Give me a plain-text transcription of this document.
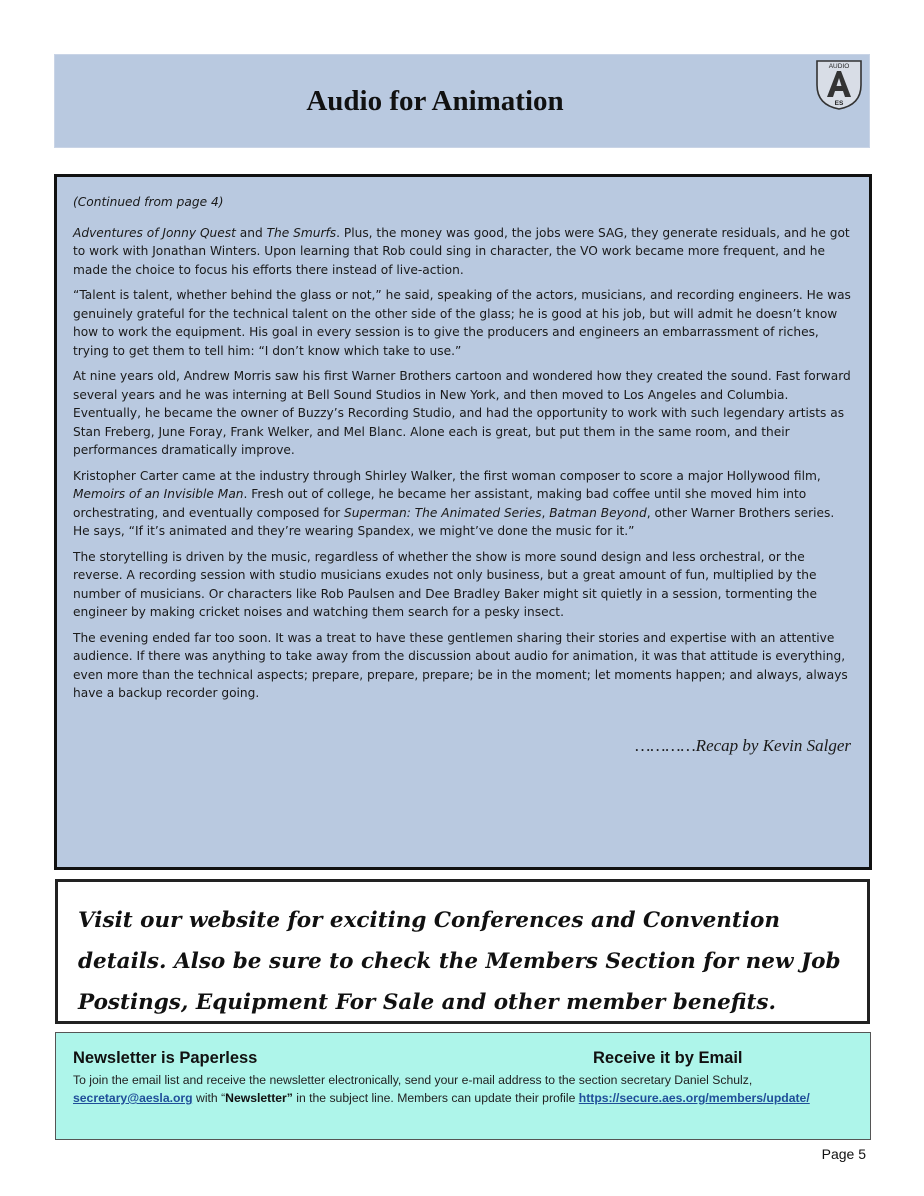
Audio for Animation
AUDIO
ES

(Continued from page 4)

Adventures of Jonny Quest and The Smurfs. Plus, the money was good, the jobs were SAG, they generate residuals, and he got to work with Jonathan Winters. Upon learning that Rob could sing in character, the VO work became more frequent, and he made the choice to focus his efforts there instead of live-action.

“Talent is talent, whether behind the glass or not,” he said, speaking of the actors, musicians, and recording engineers. He was genuinely grateful for the technical talent on the other side of the glass; he is good at his job, but will admit he doesn’t know how to work the equipment. His goal in every session is to give the producers and engineers an embarrassment of riches, trying to get them to tell him: “I don’t know which take to use.”

At nine years old, Andrew Morris saw his first Warner Brothers cartoon and wondered how they created the sound. Fast forward several years and he was interning at Bell Sound Studios in New York, and then moved to Los Angeles and Columbia. Eventually, he became the owner of Buzzy’s Recording Studio, and had the opportunity to work with such legendary artists as Stan Freberg, June Foray, Frank Welker, and Mel Blanc. Alone each is great, but put them in the same room, and their performances dramatically improve.

Kristopher Carter came at the industry through Shirley Walker, the first woman composer to score a major Hollywood film, Memoirs of an Invisible Man. Fresh out of college, he became her assistant, making bad coffee until she moved him into orchestrating, and eventually composed for Superman: The Animated Series, Batman Beyond, other Warner Brothers series. He says, “If it’s animated and they’re wearing Spandex, we might’ve done the music for it.”

The storytelling is driven by the music, regardless of whether the show is more sound design and less orchestral, or the reverse. A recording session with studio musicians exudes not only business, but a great amount of fun, multiplied by the number of musicians. Or characters like Rob Paulsen and Dee Bradley Baker might sit quietly in a session, tormenting the engineer by making cricket noises and watching them search for a pesky insect.

The evening ended far too soon. It was a treat to have these gentlemen sharing their stories and expertise with an attentive audience. If there was anything to take away from the discussion about audio for animation, it was that attitude is everything, even more than the technical aspects; prepare, prepare, prepare; be in the moment; let moments happen; and always, always have a backup recorder going.

…………Recap by Kevin Salger

Visit our website for exciting Conferences and Convention details. Also be sure to check the Members Section for new Job Postings, Equipment For Sale and other member benefits.
Newsletter is Paperless	Receive it by Email
To join the email list and receive the newsletter electronically, send your e-mail address to the section secretary Daniel Schulz, secretary@aesla.org with “Newsletter” in the subject line. Members can update their profile https://secure.aes.org/members/update/
Page 5
